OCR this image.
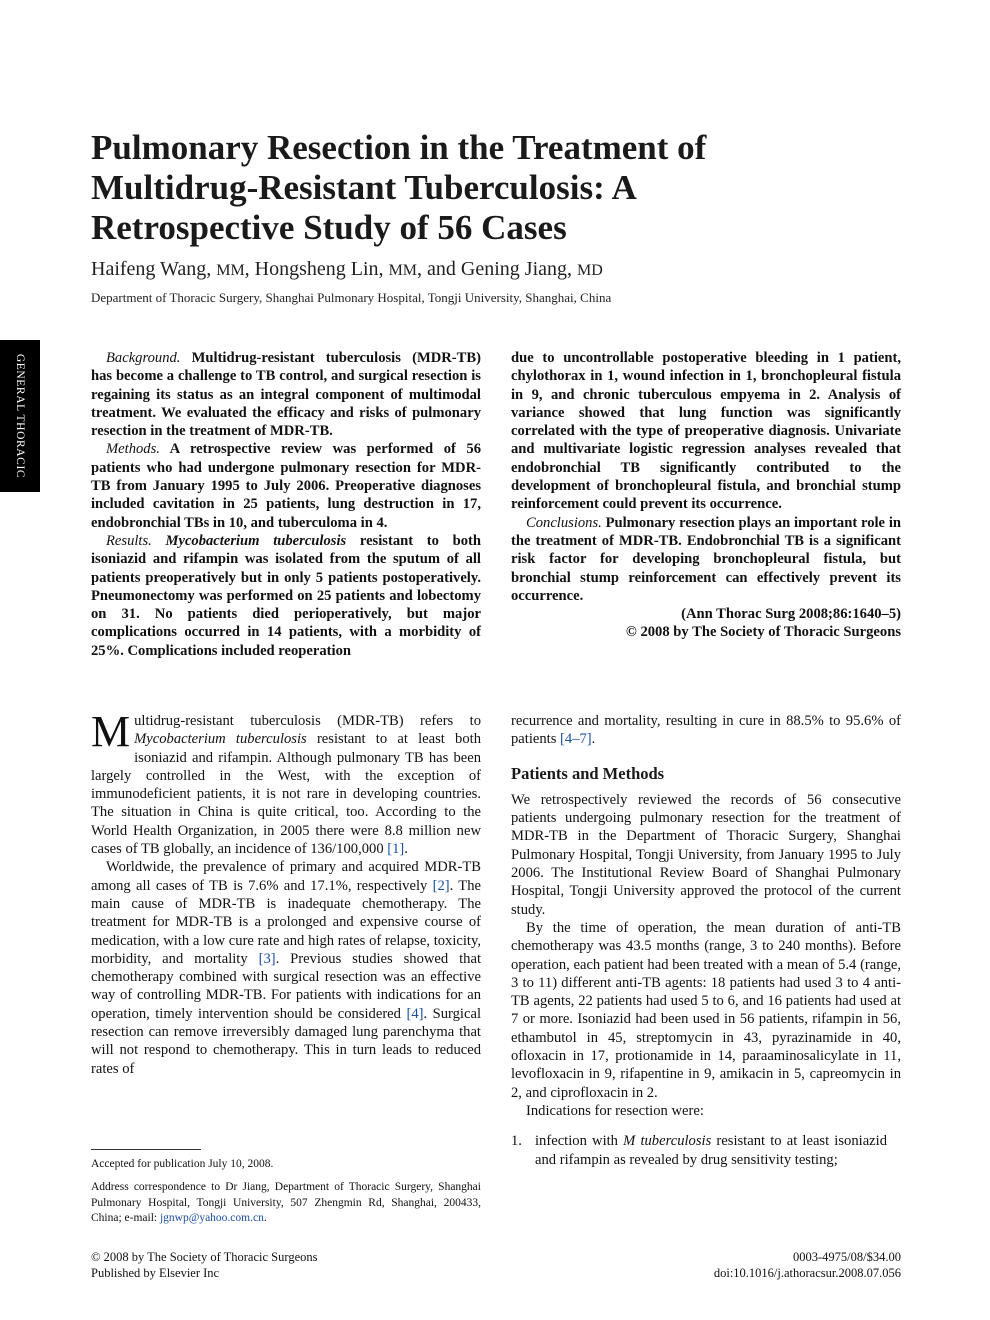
GENERAL THORACIC
Pulmonary Resection in the Treatment of Multidrug-Resistant Tuberculosis: A Retrospective Study of 56 Cases

Haifeng Wang, MM, Hongsheng Lin, MM, and Gening Jiang, MD

Department of Thoracic Surgery, Shanghai Pulmonary Hospital, Tongji University, Shanghai, China

Background. Multidrug-resistant tuberculosis (MDR-TB) has become a challenge to TB control, and surgical resection is regaining its status as an integral component of multimodal treatment. We evaluated the efficacy and risks of pulmonary resection in the treatment of MDR-TB.

Methods. A retrospective review was performed of 56 patients who had undergone pulmonary resection for MDR-TB from January 1995 to July 2006. Preoperative diagnoses included cavitation in 25 patients, lung destruction in 17, endobronchial TBs in 10, and tuberculoma in 4.

Results. Mycobacterium tuberculosis resistant to both isoniazid and rifampin was isolated from the sputum of all patients preoperatively but in only 5 patients postoperatively. Pneumonectomy was performed on 25 patients and lobectomy on 31. No patients died perioperatively, but major complications occurred in 14 patients, with a morbidity of 25%. Complications included reoperation

due to uncontrollable postoperative bleeding in 1 patient, chylothorax in 1, wound infection in 1, bronchopleural fistula in 9, and chronic tuberculous empyema in 2. Analysis of variance showed that lung function was significantly correlated with the type of preoperative diagnosis. Univariate and multivariate logistic regression analyses revealed that endobronchial TB significantly contributed to the development of bronchopleural fistula, and bronchial stump reinforcement could prevent its occurrence.

Conclusions. Pulmonary resection plays an important role in the treatment of MDR-TB. Endobronchial TB is a significant risk factor for developing bronchopleural fistula, but bronchial stump reinforcement can effectively prevent its occurrence.

(Ann Thorac Surg 2008;86:1640–5)

© 2008 by The Society of Thoracic Surgeons

Multidrug-resistant tuberculosis (MDR-TB) refers to Mycobacterium tuberculosis resistant to at least both isoniazid and rifampin. Although pulmonary TB has been largely controlled in the West, with the exception of immunodeficient patients, it is not rare in developing countries. The situation in China is quite critical, too. According to the World Health Organization, in 2005 there were 8.8 million new cases of TB globally, an incidence of 136/100,000 [1].

Worldwide, the prevalence of primary and acquired MDR-TB among all cases of TB is 7.6% and 17.1%, respectively [2]. The main cause of MDR-TB is inadequate chemotherapy. The treatment for MDR-TB is a prolonged and expensive course of medication, with a low cure rate and high rates of relapse, toxicity, morbidity, and mortality [3]. Previous studies showed that chemotherapy combined with surgical resection was an effective way of controlling MDR-TB. For patients with indications for an operation, timely intervention should be considered [4]. Surgical resection can remove irreversibly damaged lung parenchyma that will not respond to chemotherapy. This in turn leads to reduced rates of

recurrence and mortality, resulting in cure in 88.5% to 95.6% of patients [4–7].

Patients and Methods

We retrospectively reviewed the records of 56 consecutive patients undergoing pulmonary resection for the treatment of MDR-TB in the Department of Thoracic Surgery, Shanghai Pulmonary Hospital, Tongji University, from January 1995 to July 2006. The Institutional Review Board of Shanghai Pulmonary Hospital, Tongji University approved the protocol of the current study.

By the time of operation, the mean duration of anti-TB chemotherapy was 43.5 months (range, 3 to 240 months). Before operation, each patient had been treated with a mean of 5.4 (range, 3 to 11) different anti-TB agents: 18 patients had used 3 to 4 anti-TB agents, 22 patients had used 5 to 6, and 16 patients had used at 7 or more. Isoniazid had been used in 56 patients, rifampin in 56, ethambutol in 45, streptomycin in 43, pyrazinamide in 40, ofloxacin in 17, protionamide in 14, paraaminosalicylate in 11, levofloxacin in 9, rifapentine in 9, amikacin in 5, capreomycin in 2, and ciprofloxacin in 2.

Indications for resection were:

1. infection with M tuberculosis resistant to at least isoniazid and rifampin as revealed by drug sensitivity testing;

Accepted for publication July 10, 2008.

Address correspondence to Dr Jiang, Department of Thoracic Surgery, Shanghai Pulmonary Hospital, Tongji University, 507 Zhengmin Rd, Shanghai, 200433, China; e-mail: jgnwp@yahoo.com.cn.

© 2008 by The Society of Thoracic Surgeons

Published by Elsevier Inc

0003-4975/08/$34.00

doi:10.1016/j.athoracsur.2008.07.056
